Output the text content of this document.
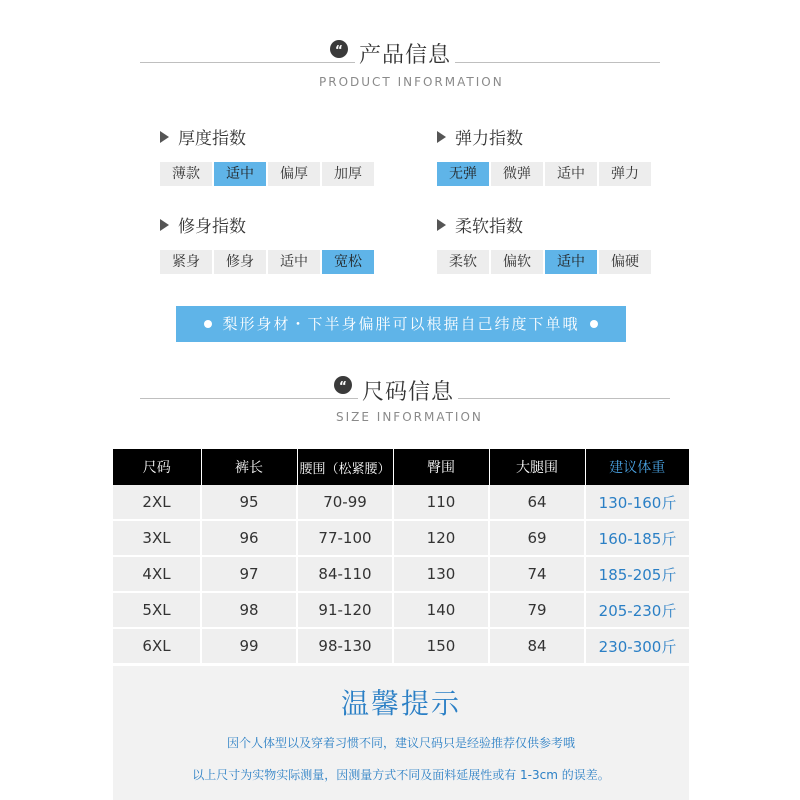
“ 产品信息
PRODUCT INFORMATION
厚度指数
薄款	适中	偏厚	加厚
弹力指数
无弹	微弹	适中	弹力
修身指数
紧身	修身	适中	宽松
柔软指数
柔软	偏软	适中	偏硬
梨形身材・下半身偏胖可以根据自己纬度下单哦
“ 尺码信息
SIZE INFORMATION
尺码	裤长	腰围（松紧腰）	臀围	大腿围	建议体重
2XL	95	70-99	110	64	130-160斤
3XL	96	77-100	120	69	160-185斤
4XL	97	84-110	130	74	185-205斤
5XL	98	91-120	140	79	205-230斤
6XL	99	98-130	150	84	230-300斤
温馨提示
因个人体型以及穿着习惯不同，建议尺码只是经验推荐仅供参考哦
以上尺寸为实物实际测量，因测量方式不同及面料延展性或有 1-3cm 的误差。
